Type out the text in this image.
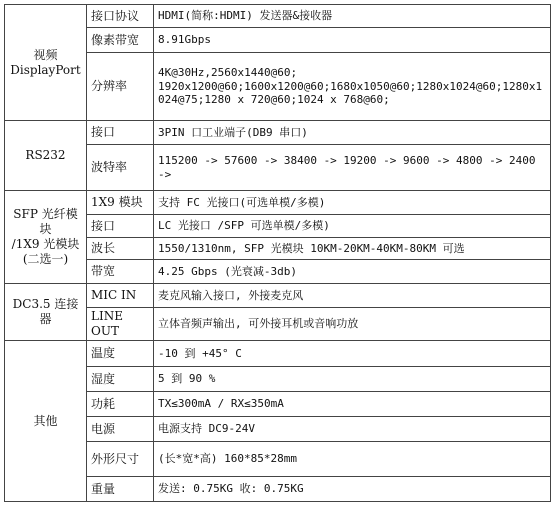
视频
DisplayPort	接口协议	HDMI(简称:HDMI) 发送器&接收器
	像素带宽	8.91Gbps
	分辨率	4K@30Hz,2560x1440@60;
1920x1200@60;1600x1200@60;1680x1050@60;1280x1024@60;1280x1024@75;1280 x 720@60;1024 x 768@60;
RS232	接口	3PIN 口工业端子(DB9 串口)
	波特率	115200 -> 57600 -> 38400 -> 19200 -> 9600 -> 4800 -> 2400 ->
SFP 光纤模块
/1X9 光模块
(二选一)	1X9 模块	支持 FC 光接口(可选单模/多模)
	接口	LC 光接口 /SFP 可选单模/多模)
	波长	1550/1310nm, SFP 光模块 10KM-20KM-40KM-80KM 可选
	带宽	4.25 Gbps (光衰减-3db)
DC3.5 连接器	MIC IN	麦克风输入接口, 外接麦克风
	LINE OUT	立体音频声输出, 可外接耳机或音响功放
其他	温度	-10 到 +45° C
	湿度	5 到 90 %
	功耗	TX≤300mA / RX≤350mA
	电源	电源支持 DC9-24V
	外形尺寸	(长*宽*高) 160*85*28mm
	重量	发送: 0.75KG 收: 0.75KG
